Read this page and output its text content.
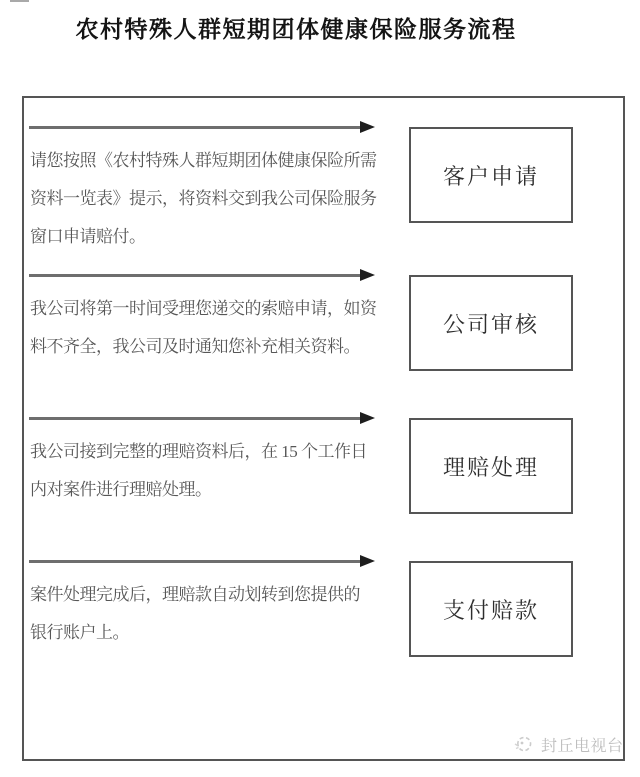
农村特殊人群短期团体健康保险服务流程
请您按照《农村特殊人群短期团体健康保险所需
资料一览表》提示，将资料交到我公司保险服务
窗口申请赔付。
客户申请
我公司将第一时间受理您递交的索赔申请，如资
料不齐全，我公司及时通知您补充相关资料。
公司审核
我公司接到完整的理赔资料后，在 15 个工作日
内对案件进行理赔处理。
理赔处理
案件处理完成后，理赔款自动划转到您提供的
银行账户上。
支付赔款
封丘电视台
